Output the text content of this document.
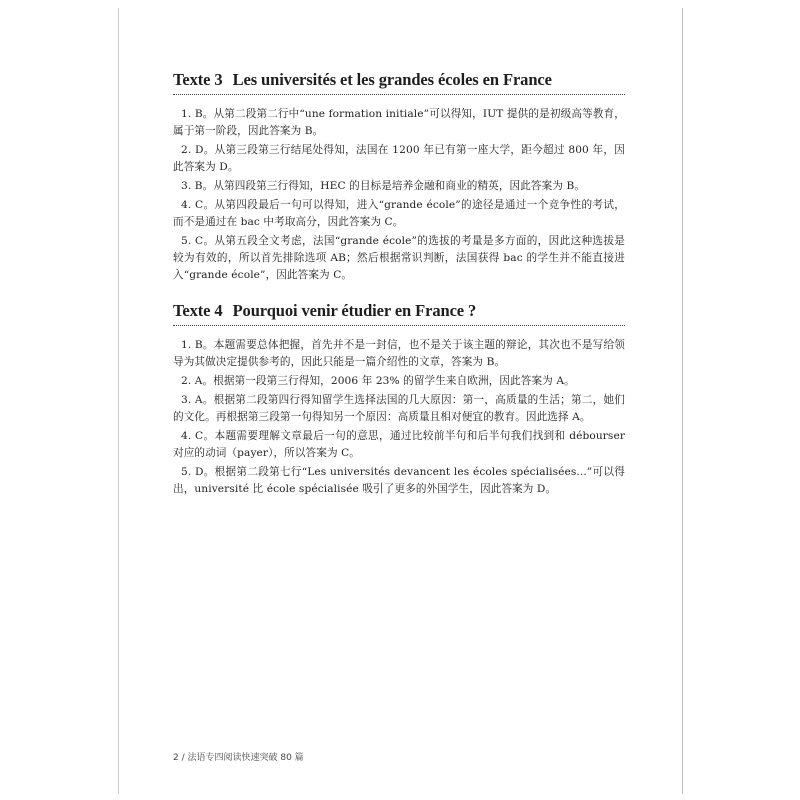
Texte 3 Les universités et les grandes écoles en France

1. B。从第二段第二行中“une formation initiale”可以得知，IUT 提供的是初级高等教育，属于第一阶段，因此答案为 B。

2. D。从第三段第三行结尾处得知，法国在 1200 年已有第一座大学，距今超过 800 年，因此答案为 D。

3. B。从第四段第三行得知，HEC 的目标是培养金融和商业的精英，因此答案为 B。

4. C。从第四段最后一句可以得知，进入“grande école”的途径是通过一个竞争性的考试，而不是通过在 bac 中考取高分，因此答案为 C。

5. C。从第五段全文考虑，法国“grande école”的选拔的考量是多方面的，因此这种选拔是较为有效的，所以首先排除选项 AB；然后根据常识判断，法国获得 bac 的学生并不能直接进入“grande école”，因此答案为 C。

Texte 4 Pourquoi venir étudier en France ?

1. B。本题需要总体把握，首先并不是一封信，也不是关于该主题的辩论，其次也不是写给领导为其做决定提供参考的，因此只能是一篇介绍性的文章，答案为 B。

2. A。根据第一段第三行得知，2006 年 23% 的留学生来自欧洲，因此答案为 A。

3. A。根据第二段第四行得知留学生选择法国的几大原因：第一，高质量的生活；第二，她们的文化。再根据第三段第一句得知另一个原因：高质量且相对便宜的教育。因此选择 A。

4. C。本题需要理解文章最后一句的意思，通过比较前半句和后半句我们找到和 débourser 对应的动词（payer），所以答案为 C。

5. D。根据第二段第七行“Les universités devancent les écoles spécialisées...”可以得出，université 比 école spécialisée 吸引了更多的外国学生，因此答案为 D。

2 / 法语专四阅读快速突破 80 篇
